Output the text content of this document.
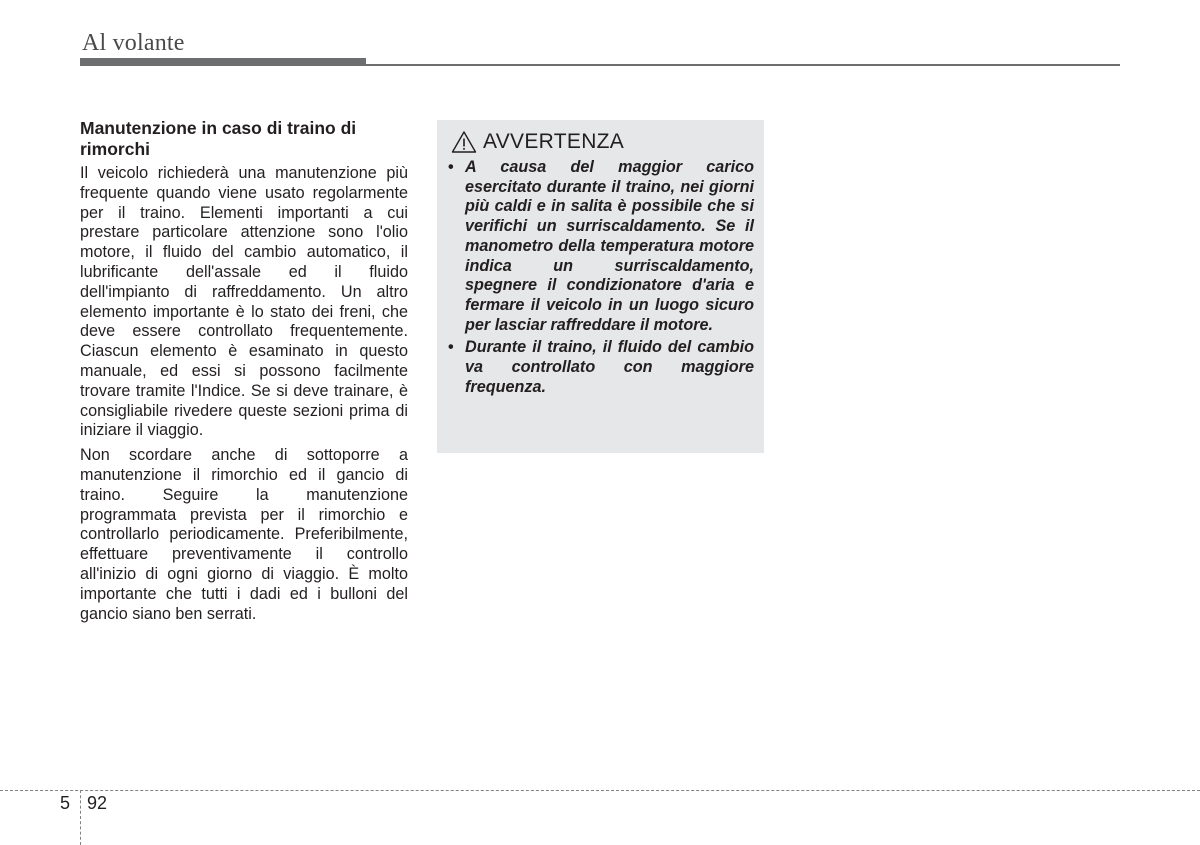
Al volante
Manutenzione in caso di traino di rimorchi

Il veicolo richiederà una manutenzione più frequente quando viene usato regolarmente per il traino. Elementi importanti a cui prestare particolare attenzione sono l'olio motore, il fluido del cambio automatico, il lubrificante dell'assale ed il fluido dell'impianto di raffreddamento. Un altro elemento importante è lo stato dei freni, che deve essere controllato frequentemente. Ciascun elemento è esaminato in questo manuale, ed essi si possono facilmente trovare tramite l'Indice. Se si deve trainare, è consigliabile rivedere queste sezioni prima di iniziare il viaggio.

Non scordare anche di sottoporre a manutenzione il rimorchio ed il gancio di traino. Seguire la manutenzione programmata prevista per il rimorchio e controllarlo periodicamente. Preferibilmente, effettuare preventivamente il controllo all'inizio di ogni giorno di viaggio. È molto importante che tutti i dadi ed i bulloni del gancio siano ben serrati.

AVVERTENZA
• A causa del maggior carico esercitato durante il traino, nei giorni più caldi e in salita è possibile che si verifichi un surriscaldamento. Se il manometro della temperatura motore indica un surriscaldamento, spegnere il condizionatore d'aria e fermare il veicolo in un luogo sicuro per lasciar raffreddare il motore.
• Durante il traino, il fluido del cambio va controllato con maggiore frequenza.
5 92
